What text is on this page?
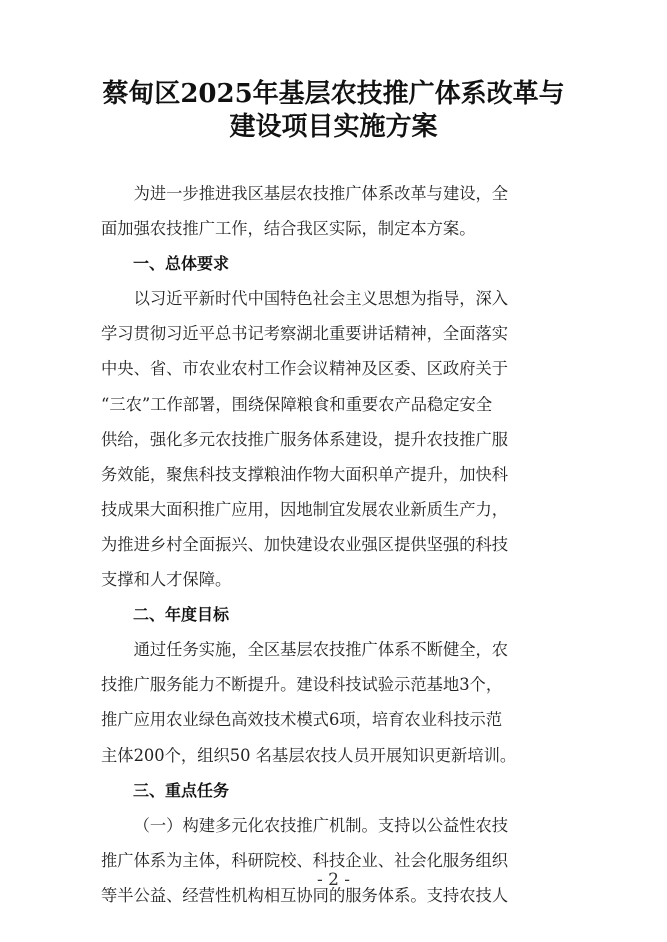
蔡甸区2025年基层农技推广体系改革与
建设项目实施方案
为进一步推进我区基层农技推广体系改革与建设，全
面加强农技推广工作，结合我区实际，制定本方案。
一、总体要求
以习近平新时代中国特色社会主义思想为指导，深入
学习贯彻习近平总书记考察湖北重要讲话精神，全面落实
中央、省、市农业农村工作会议精神及区委、区政府关于
“三农”工作部署，围绕保障粮食和重要农产品稳定安全
供给，强化多元农技推广服务体系建设，提升农技推广服
务效能，聚焦科技支撑粮油作物大面积单产提升，加快科
技成果大面积推广应用，因地制宜发展农业新质生产力，
为推进乡村全面振兴、加快建设农业强区提供坚强的科技
支撑和人才保障。
二、年度目标
通过任务实施，全区基层农技推广体系不断健全，农
技推广服务能力不断提升。建设科技试验示范基地3个，
推广应用农业绿色高效技术模式6项，培育农业科技示范
主体200个，组织50 名基层农技人员开展知识更新培训。
三、重点任务
（一）构建多元化农技推广机制。支持以公益性农技
推广体系为主体，科研院校、科技企业、社会化服务组织
等半公益、经营性机构相互协同的服务体系。支持农技人
- 2 -
